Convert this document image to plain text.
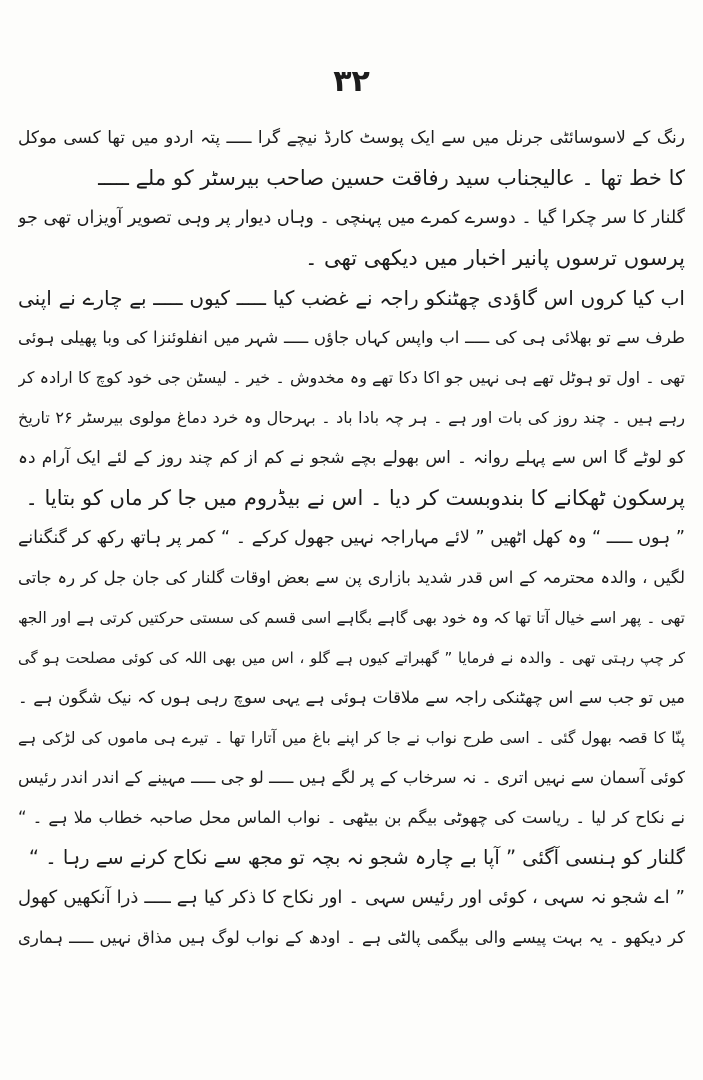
۳۲
رنگ کے لاسوسائٹی جرنل میں سے ایک پوسٹ کارڈ نیچے گرا ـــــ پتہ اردو میں تھا کسی موکل
کا خط تھا ۔ عالیجناب سید رفاقت حسین صاحب بیرسٹر کو ملے ـــــ
گلنار کا سر چکرا گیا ۔ دوسرے کمرے میں پہنچی ۔ وہاں دیوار پر وہی تصویر آویزاں تھی جو
پرسوں ترسوں پانیر اخبار میں دیکھی تھی ۔
اب کیا کروں اس گاؤدی چھٹنکو راجہ نے غضب کیا ـــــ کیوں ـــــ بے چارے نے اپنی
طرف سے تو بھلائی ہی کی ـــــ اب واپس کہاں جاؤں ـــــ شہر میں انفلوئنزا کی وبا پھیلی ہوئی
تھی ۔ اول تو ہوٹل تھے ہی نہیں جو اکا دکا تھے وہ مخدوش ۔ خیر ۔ لیسٹن جی خود کوچ کا ارادہ کر
رہے ہیں ۔ چند روز کی بات اور ہے ۔ ہر چہ بادا باد ۔ بہرحال وہ خرد دماغ مولوی بیرسٹر ۲۶ تاریخ
کو لوٹے گا اس سے پہلے روانہ ۔ اس بھولے بچے شجو نے کم از کم چند روز کے لئے ایک آرام دہ
پرسکون ٹھکانے کا بندوبست کر دیا ۔ اس نے بیڈروم میں جا کر ماں کو بتایا ۔
” ہوں ـــــ “ وہ کھل اٹھیں ” لائے مہاراجہ نہیں جھول کرکے ۔ “ کمر پر ہاتھ رکھ کر گنگنانے
لگیں ، والدہ محترمہ کے اس قدر شدید بازاری پن سے بعض اوقات گلنار کی جان جل کر رہ جاتی
تھی ۔ پھر اسے خیال آتا تھا کہ وہ خود بھی گاہے بگاہے اسی قسم کی سستی حرکتیں کرتی ہے اور الجھ
کر چپ رہتی تھی ۔ والدہ نے فرمایا ” گھبراتے کیوں ہے گلو ، اس میں بھی اللہ کی کوئی مصلحت ہو گی
میں تو جب سے اس چھٹنکی راجہ سے ملاقات ہوئی ہے یہی سوچ رہی ہوں کہ نیک شگون ہے ۔
پنّا کا قصہ بھول گئی ۔ اسی طرح نواب نے جا کر اپنے باغ میں آتارا تھا ۔ تیرے ہی ماموں کی لڑکی ہے
کوئی آسمان سے نہیں اتری ۔ نہ سرخاب کے پر لگے ہیں ـــــ لو جی ـــــ مہینے کے اندر اندر رئیس
نے نکاح کر لیا ۔ ریاست کی چھوٹی بیگم بن بیٹھی ۔ نواب الماس محل صاحبہ خطاب ملا ہے ۔ “
گلنار کو ہنسی آگئی ” آپا بے چارہ شجو نہ بچہ تو مجھ سے نکاح کرنے سے رہا ۔ “
” اے شجو نہ سہی ، کوئی اور رئیس سہی ۔ اور نکاح کا ذکر کیا ہے ـــــ ذرا آنکھیں کھول
کر دیکھو ۔ یہ بہت پیسے والی بیگمی پالٹی ہے ۔ اودھ کے نواب لوگ ہیں مذاق نہیں ـــــ ہماری
